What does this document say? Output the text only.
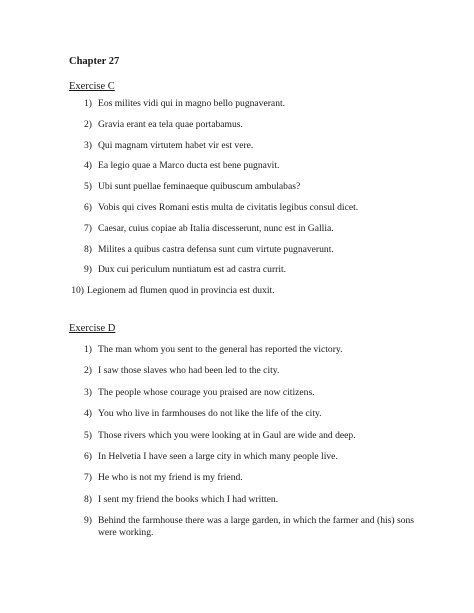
Chapter 27

Exercise C

1) Eos milites vidi qui in magno bello pugnaverant.
2) Gravia erant ea tela quae portabamus.
3) Qui magnam virtutem habet vir est vere.
4) Ea legio quae a Marco ducta est bene pugnavit.
5) Ubi sunt puellae feminaeque quibuscum ambulabas?
6) Vobis qui cives Romani estis multa de civitatis legibus consul dicet.
7) Caesar, cuius copiae ab Italia discesserunt, nunc est in Gallia.
8) Milites a quibus castra defensa sunt cum virtute pugnaverunt.
9) Dux cui periculum nuntiatum est ad castra currit.
10) Legionem ad flumen quod in provincia est duxit.

Exercise D

1) The man whom you sent to the general has reported the victory.
2) I saw those slaves who had been led to the city.
3) The people whose courage you praised are now citizens.
4) You who live in farmhouses do not like the life of the city.
5) Those rivers which you were looking at in Gaul are wide and deep.
6) In Helvetia I have seen a large city in which many people live.
7) He who is not my friend is my friend.
8) I sent my friend the books which I had written.
9) Behind the farmhouse there was a large garden, in which the farmer and (his) sons were working.
